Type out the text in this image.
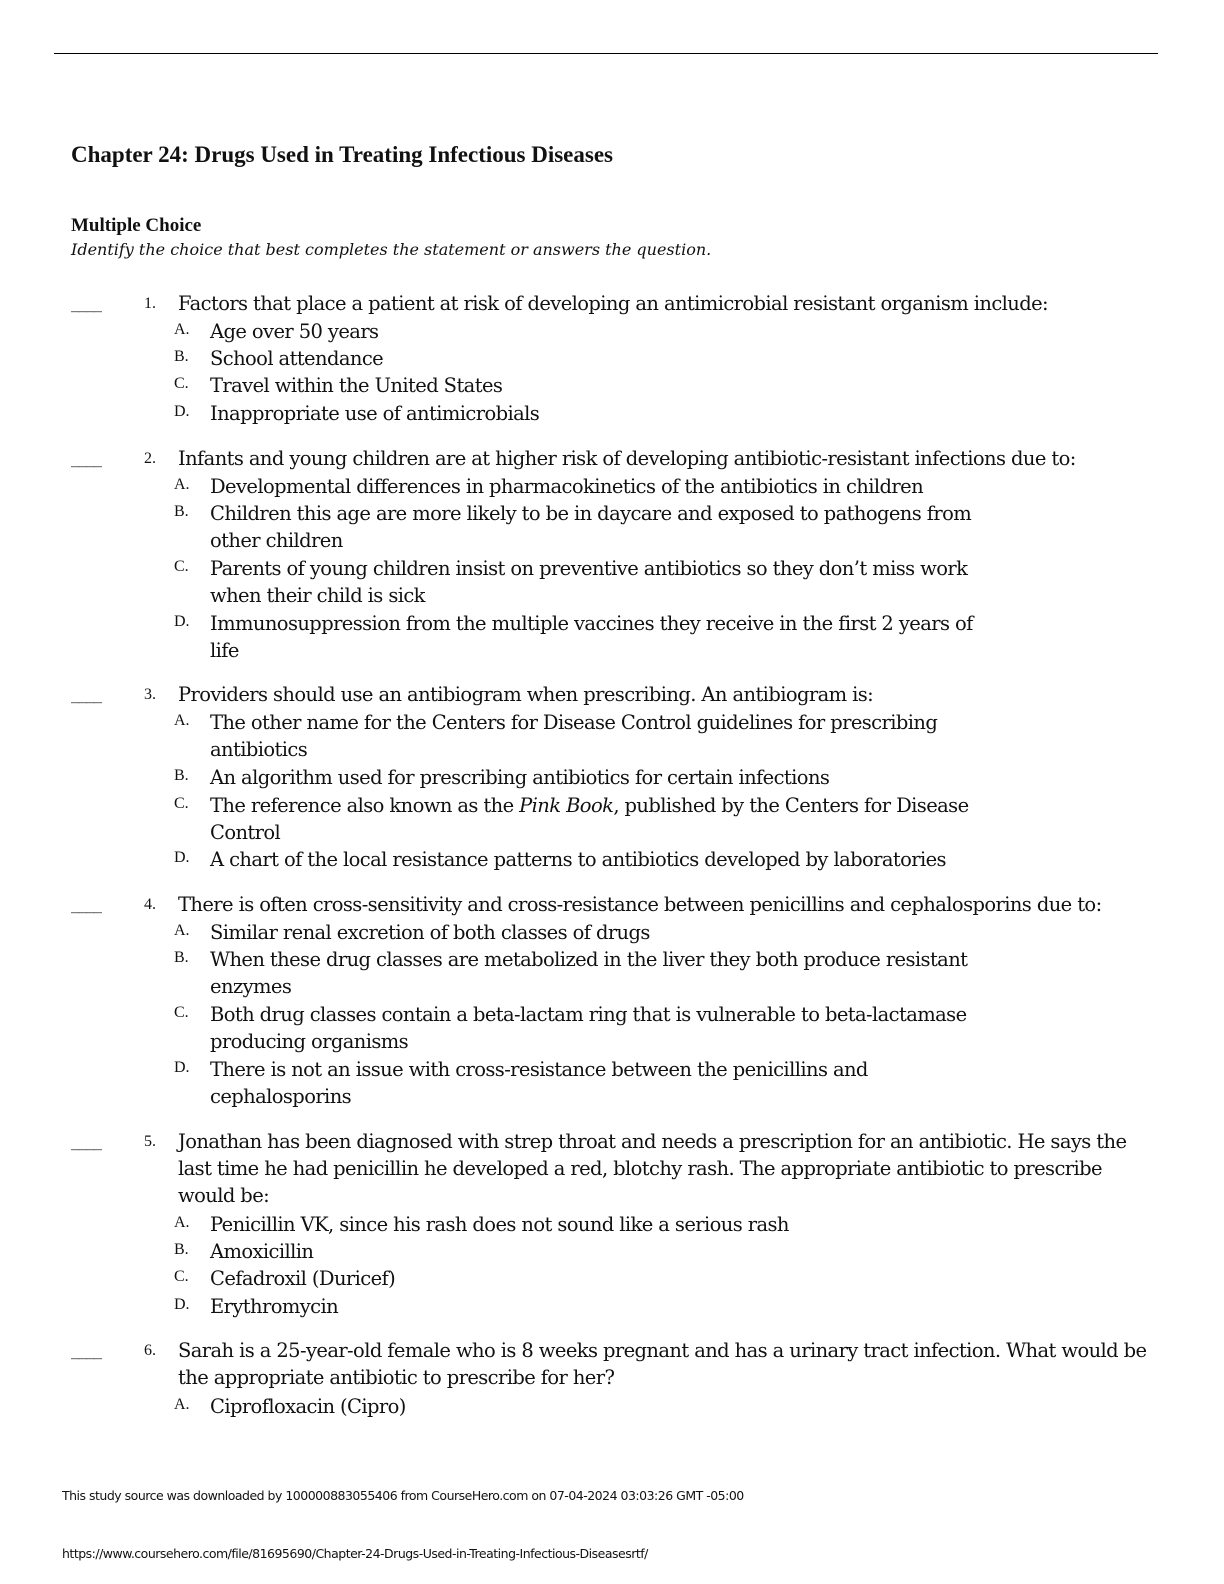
Chapter 24: Drugs Used in Treating Infectious Diseases
Multiple Choice
Identify the choice that best completes the statement or answers the question.
____	1. Factors that place a patient at risk of developing an antimicrobial resistant organism include:
A. Age over 50 years
B. School attendance
C. Travel within the United States
D. Inappropriate use of antimicrobials
____	2. Infants and young children are at higher risk of developing antibiotic-resistant infections due to:
A. Developmental differences in pharmacokinetics of the antibiotics in children
B. Children this age are more likely to be in daycare and exposed to pathogens from other children
C. Parents of young children insist on preventive antibiotics so they don’t miss work when their child is sick
D. Immunosuppression from the multiple vaccines they receive in the first 2 years of life
____	3. Providers should use an antibiogram when prescribing. An antibiogram is:
A. The other name for the Centers for Disease Control guidelines for prescribing antibiotics
B. An algorithm used for prescribing antibiotics for certain infections
C. The reference also known as the Pink Book, published by the Centers for Disease Control
D. A chart of the local resistance patterns to antibiotics developed by laboratories
____	4. There is often cross-sensitivity and cross-resistance between penicillins and cephalosporins due to:
A. Similar renal excretion of both classes of drugs
B. When these drug classes are metabolized in the liver they both produce resistant enzymes
C. Both drug classes contain a beta-lactam ring that is vulnerable to beta-lactamase producing organisms
D. There is not an issue with cross-resistance between the penicillins and cephalosporins
____	5. Jonathan has been diagnosed with strep throat and needs a prescription for an antibiotic. He says the last time he had penicillin he developed a red, blotchy rash. The appropriate antibiotic to prescribe would be:
A. Penicillin VK, since his rash does not sound like a serious rash
B. Amoxicillin
C. Cefadroxil (Duricef)
D. Erythromycin
____	6. Sarah is a 25-year-old female who is 8 weeks pregnant and has a urinary tract infection. What would be the appropriate antibiotic to prescribe for her?
A. Ciprofloxacin (Cipro)
This study source was downloaded by 100000883055406 from CourseHero.com on 07-04-2024 03:03:26 GMT -05:00
https://www.coursehero.com/file/81695690/Chapter-24-Drugs-Used-in-Treating-Infectious-Diseasesrtf/
